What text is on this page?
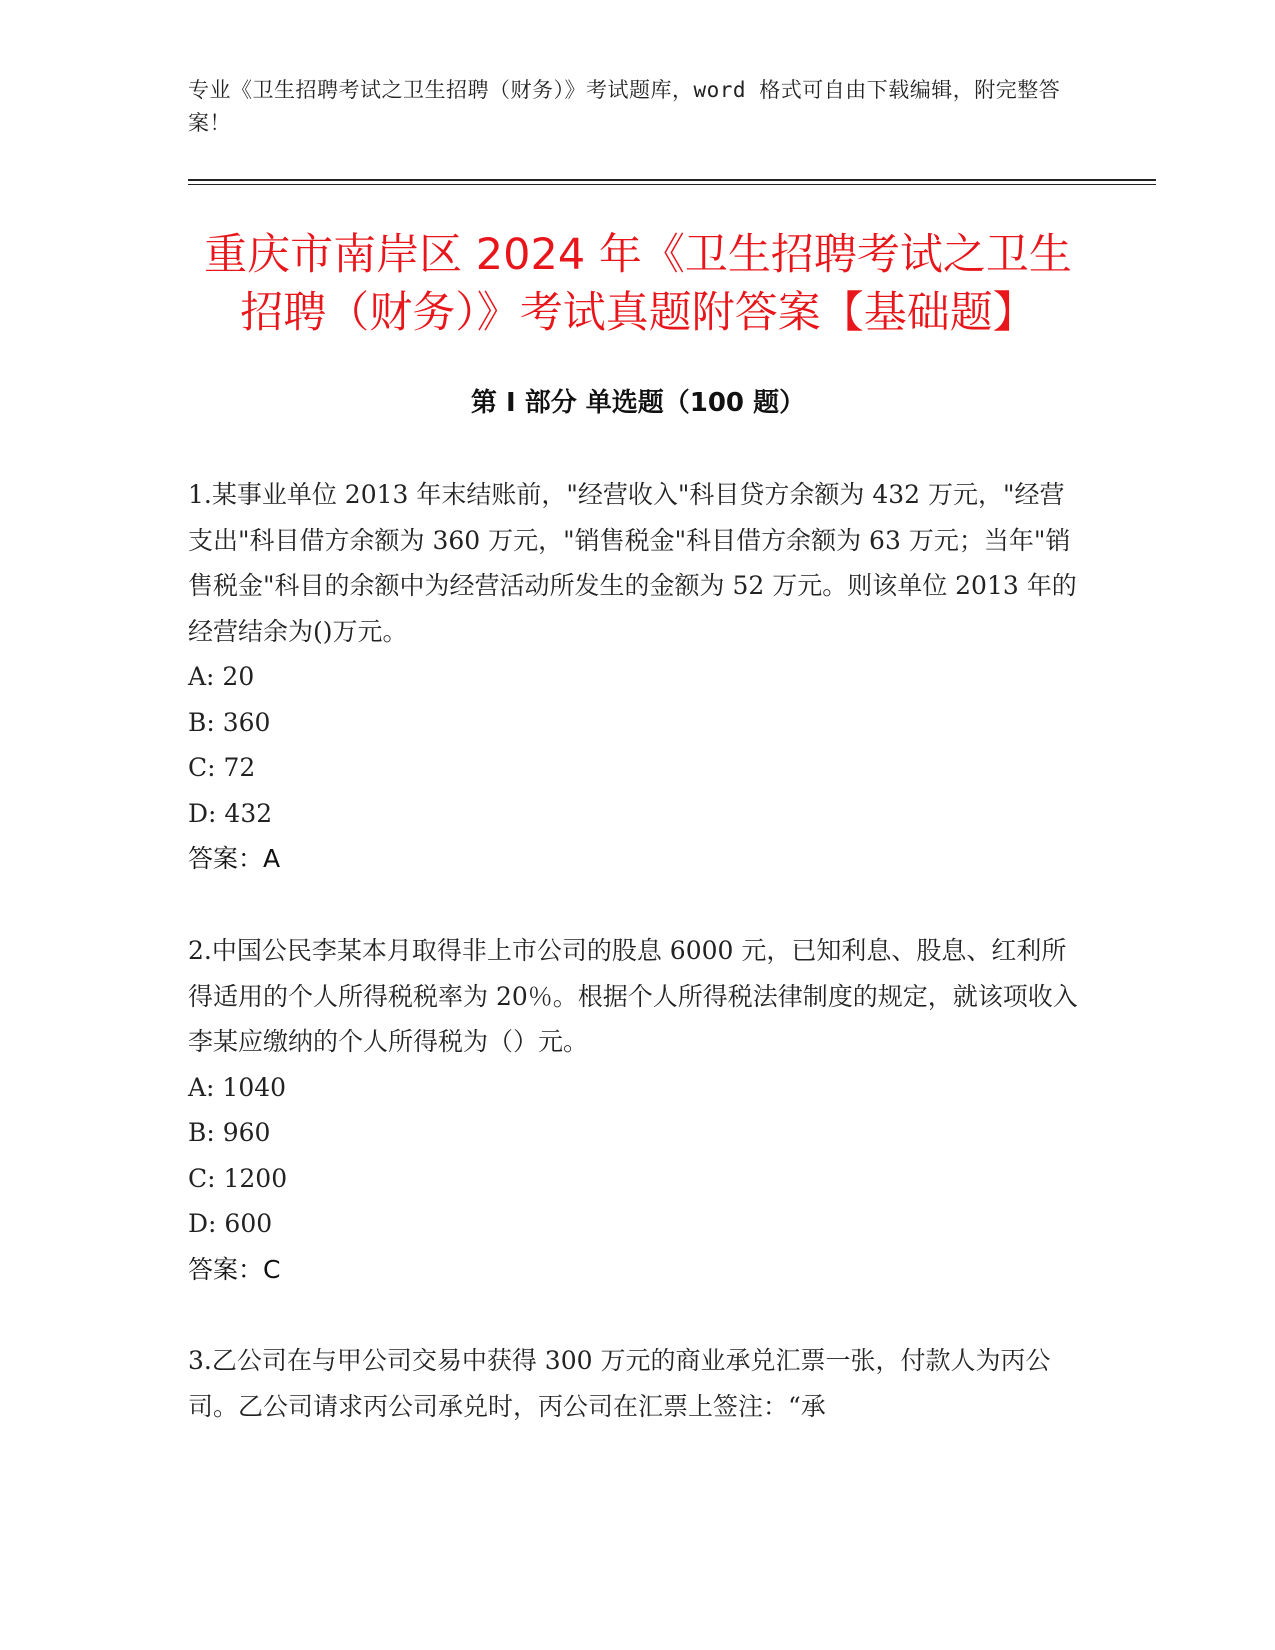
专业《卫生招聘考试之卫生招聘（财务）》考试题库，word 格式可自由下载编辑，附完整答案！
重庆市南岸区 2024 年《卫生招聘考试之卫生招聘（财务）》考试真题附答案【基础题】
第 I 部分 单选题（100 题）

1.某事业单位 2013 年末结账前，"经营收入"科目贷方余额为 432 万元，"经营支出"科目借方余额为 360 万元，"销售税金"科目借方余额为 63 万元；当年"销售税金"科目的余额中为经营活动所发生的金额为 52 万元。则该单位 2013 年的经营结余为()万元。

A: 20
B: 360
C: 72
D: 432
答案：A

2.中国公民李某本月取得非上市公司的股息 6000 元，已知利息、股息、红利所得适用的个人所得税税率为 20％。根据个人所得税法律制度的规定，就该项收入李某应缴纳的个人所得税为（）元。

A: 1040
B: 960
C: 1200
D: 600
答案：C

3.乙公司在与甲公司交易中获得 300 万元的商业承兑汇票一张，付款人为丙公司。乙公司请求丙公司承兑时，丙公司在汇票上签注：“承
